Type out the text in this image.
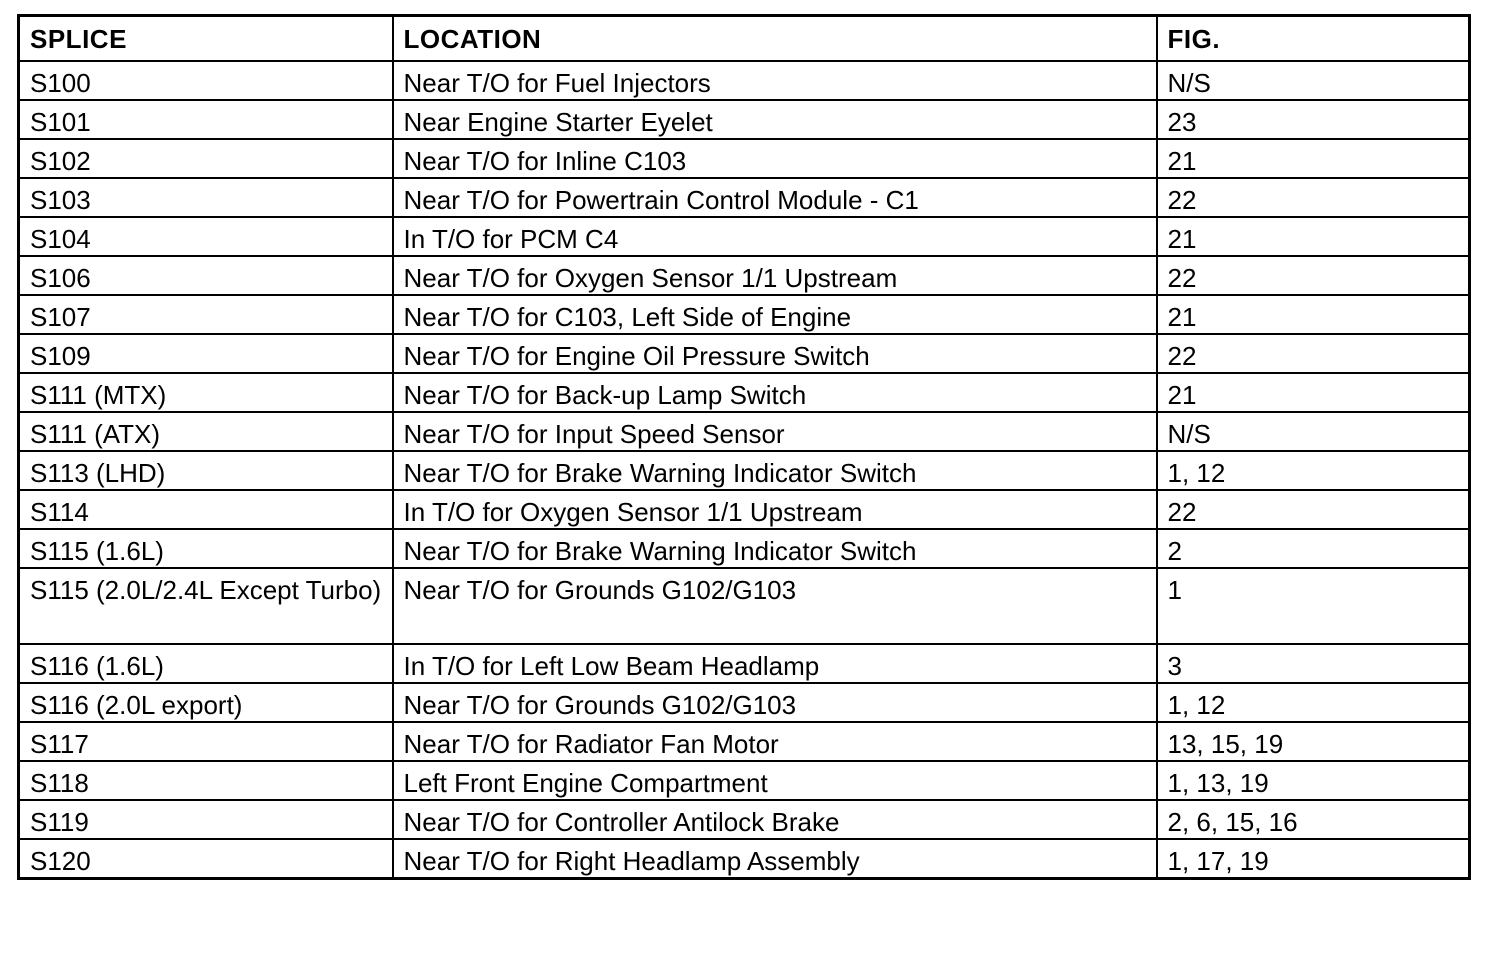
SPLICE	LOCATION	FIG.
S100	Near T/O for Fuel Injectors	N/S
S101	Near Engine Starter Eyelet	23
S102	Near T/O for Inline C103	21
S103	Near T/O for Powertrain Control Module - C1	22
S104	In T/O for PCM C4	21
S106	Near T/O for Oxygen Sensor 1/1 Upstream	22
S107	Near T/O for C103, Left Side of Engine	21
S109	Near T/O for Engine Oil Pressure Switch	22
S111 (MTX)	Near T/O for Back-up Lamp Switch	21
S111 (ATX)	Near T/O for Input Speed Sensor	N/S
S113 (LHD)	Near T/O for Brake Warning Indicator Switch	1, 12
S114	In T/O for Oxygen Sensor 1/1 Upstream	22
S115 (1.6L)	Near T/O for Brake Warning Indicator Switch	2
S115 (2.0L/2.4L Except Turbo)	Near T/O for Grounds G102/G103	1
S116 (1.6L)	In T/O for Left Low Beam Headlamp	3
S116 (2.0L export)	Near T/O for Grounds G102/G103	1, 12
S117	Near T/O for Radiator Fan Motor	13, 15, 19
S118	Left Front Engine Compartment	1, 13, 19
S119	Near T/O for Controller Antilock Brake	2, 6, 15, 16
S120	Near T/O for Right Headlamp Assembly	1, 17, 19
